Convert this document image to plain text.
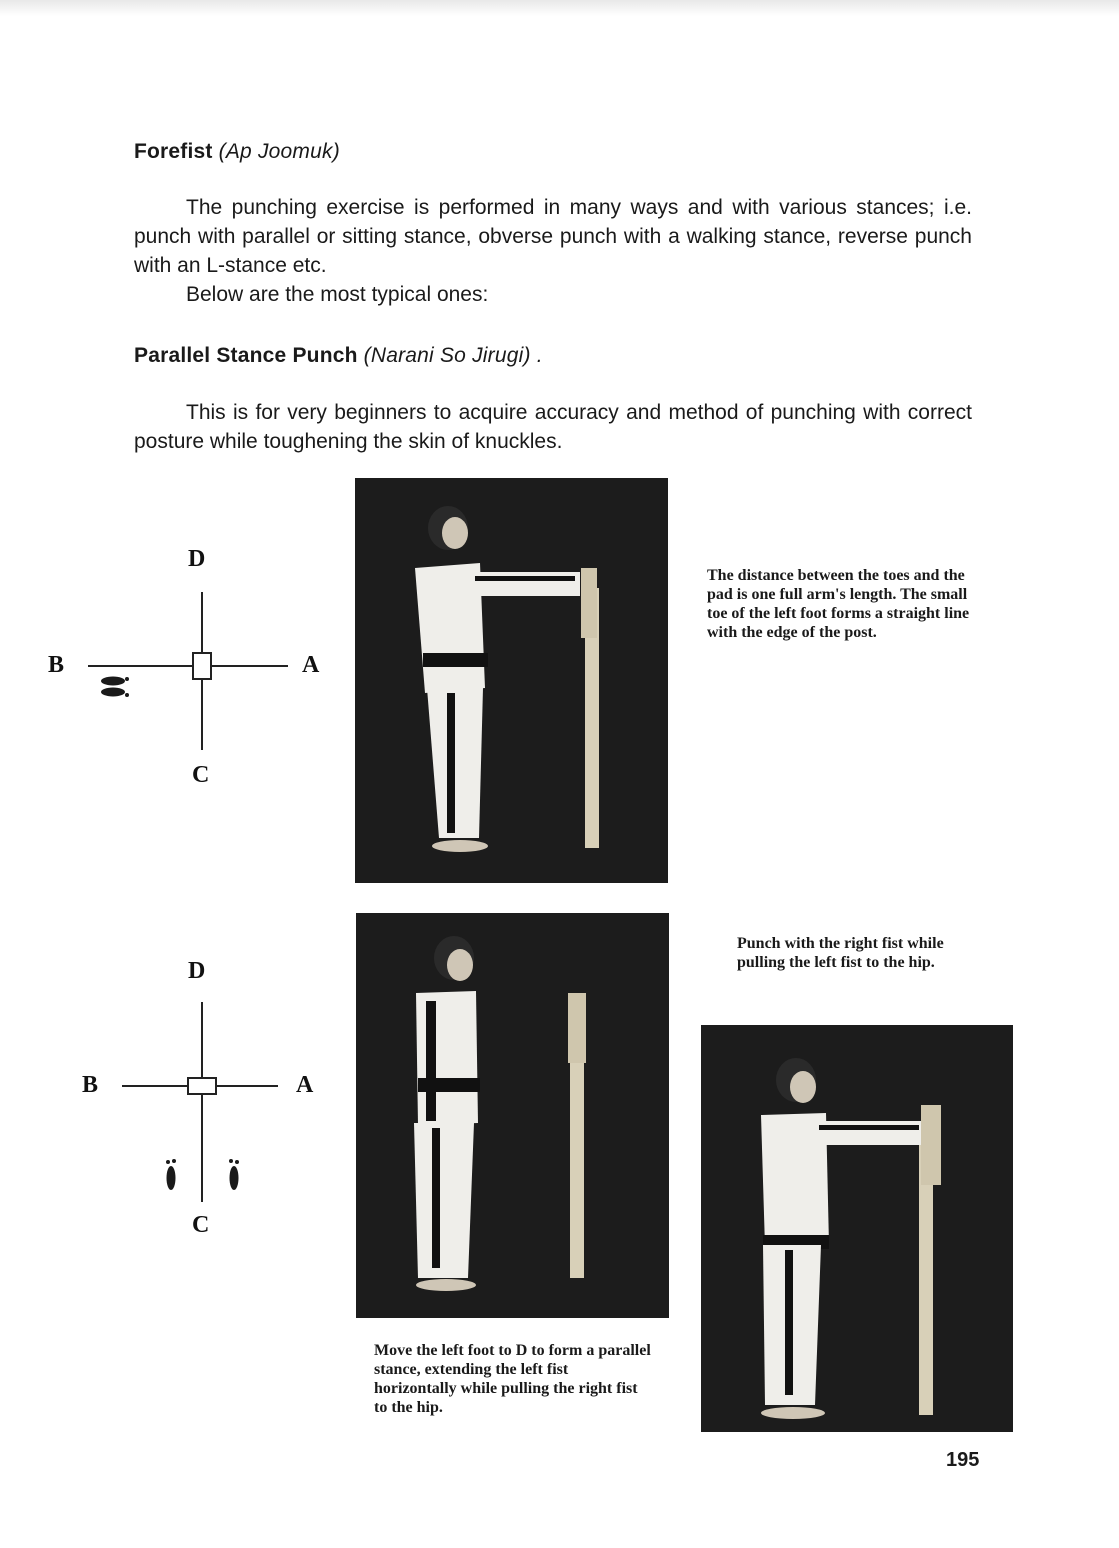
Forefist (Ap Joomuk)

The punching exercise is performed in many ways and with various stances; i.e. punch with parallel or sitting stance, obverse punch with a walking stance, reverse punch with an L-stance etc.

Below are the most typical ones:

Parallel Stance Punch (Narani So Jirugi) .

This is for very beginners to acquire accuracy and method of punching with correct posture while toughening the skin of knuckles.

D
B	A
C
The distance between the toes and the pad is one full arm's length. The small toe of the left foot forms a straight line with the edge of the post.
D
B	A
C
Move the left foot to D to form a parallel stance, extending the left fist horizontally while pulling the right fist to the hip.
Punch with the right fist while pulling the left fist to the hip.
195
